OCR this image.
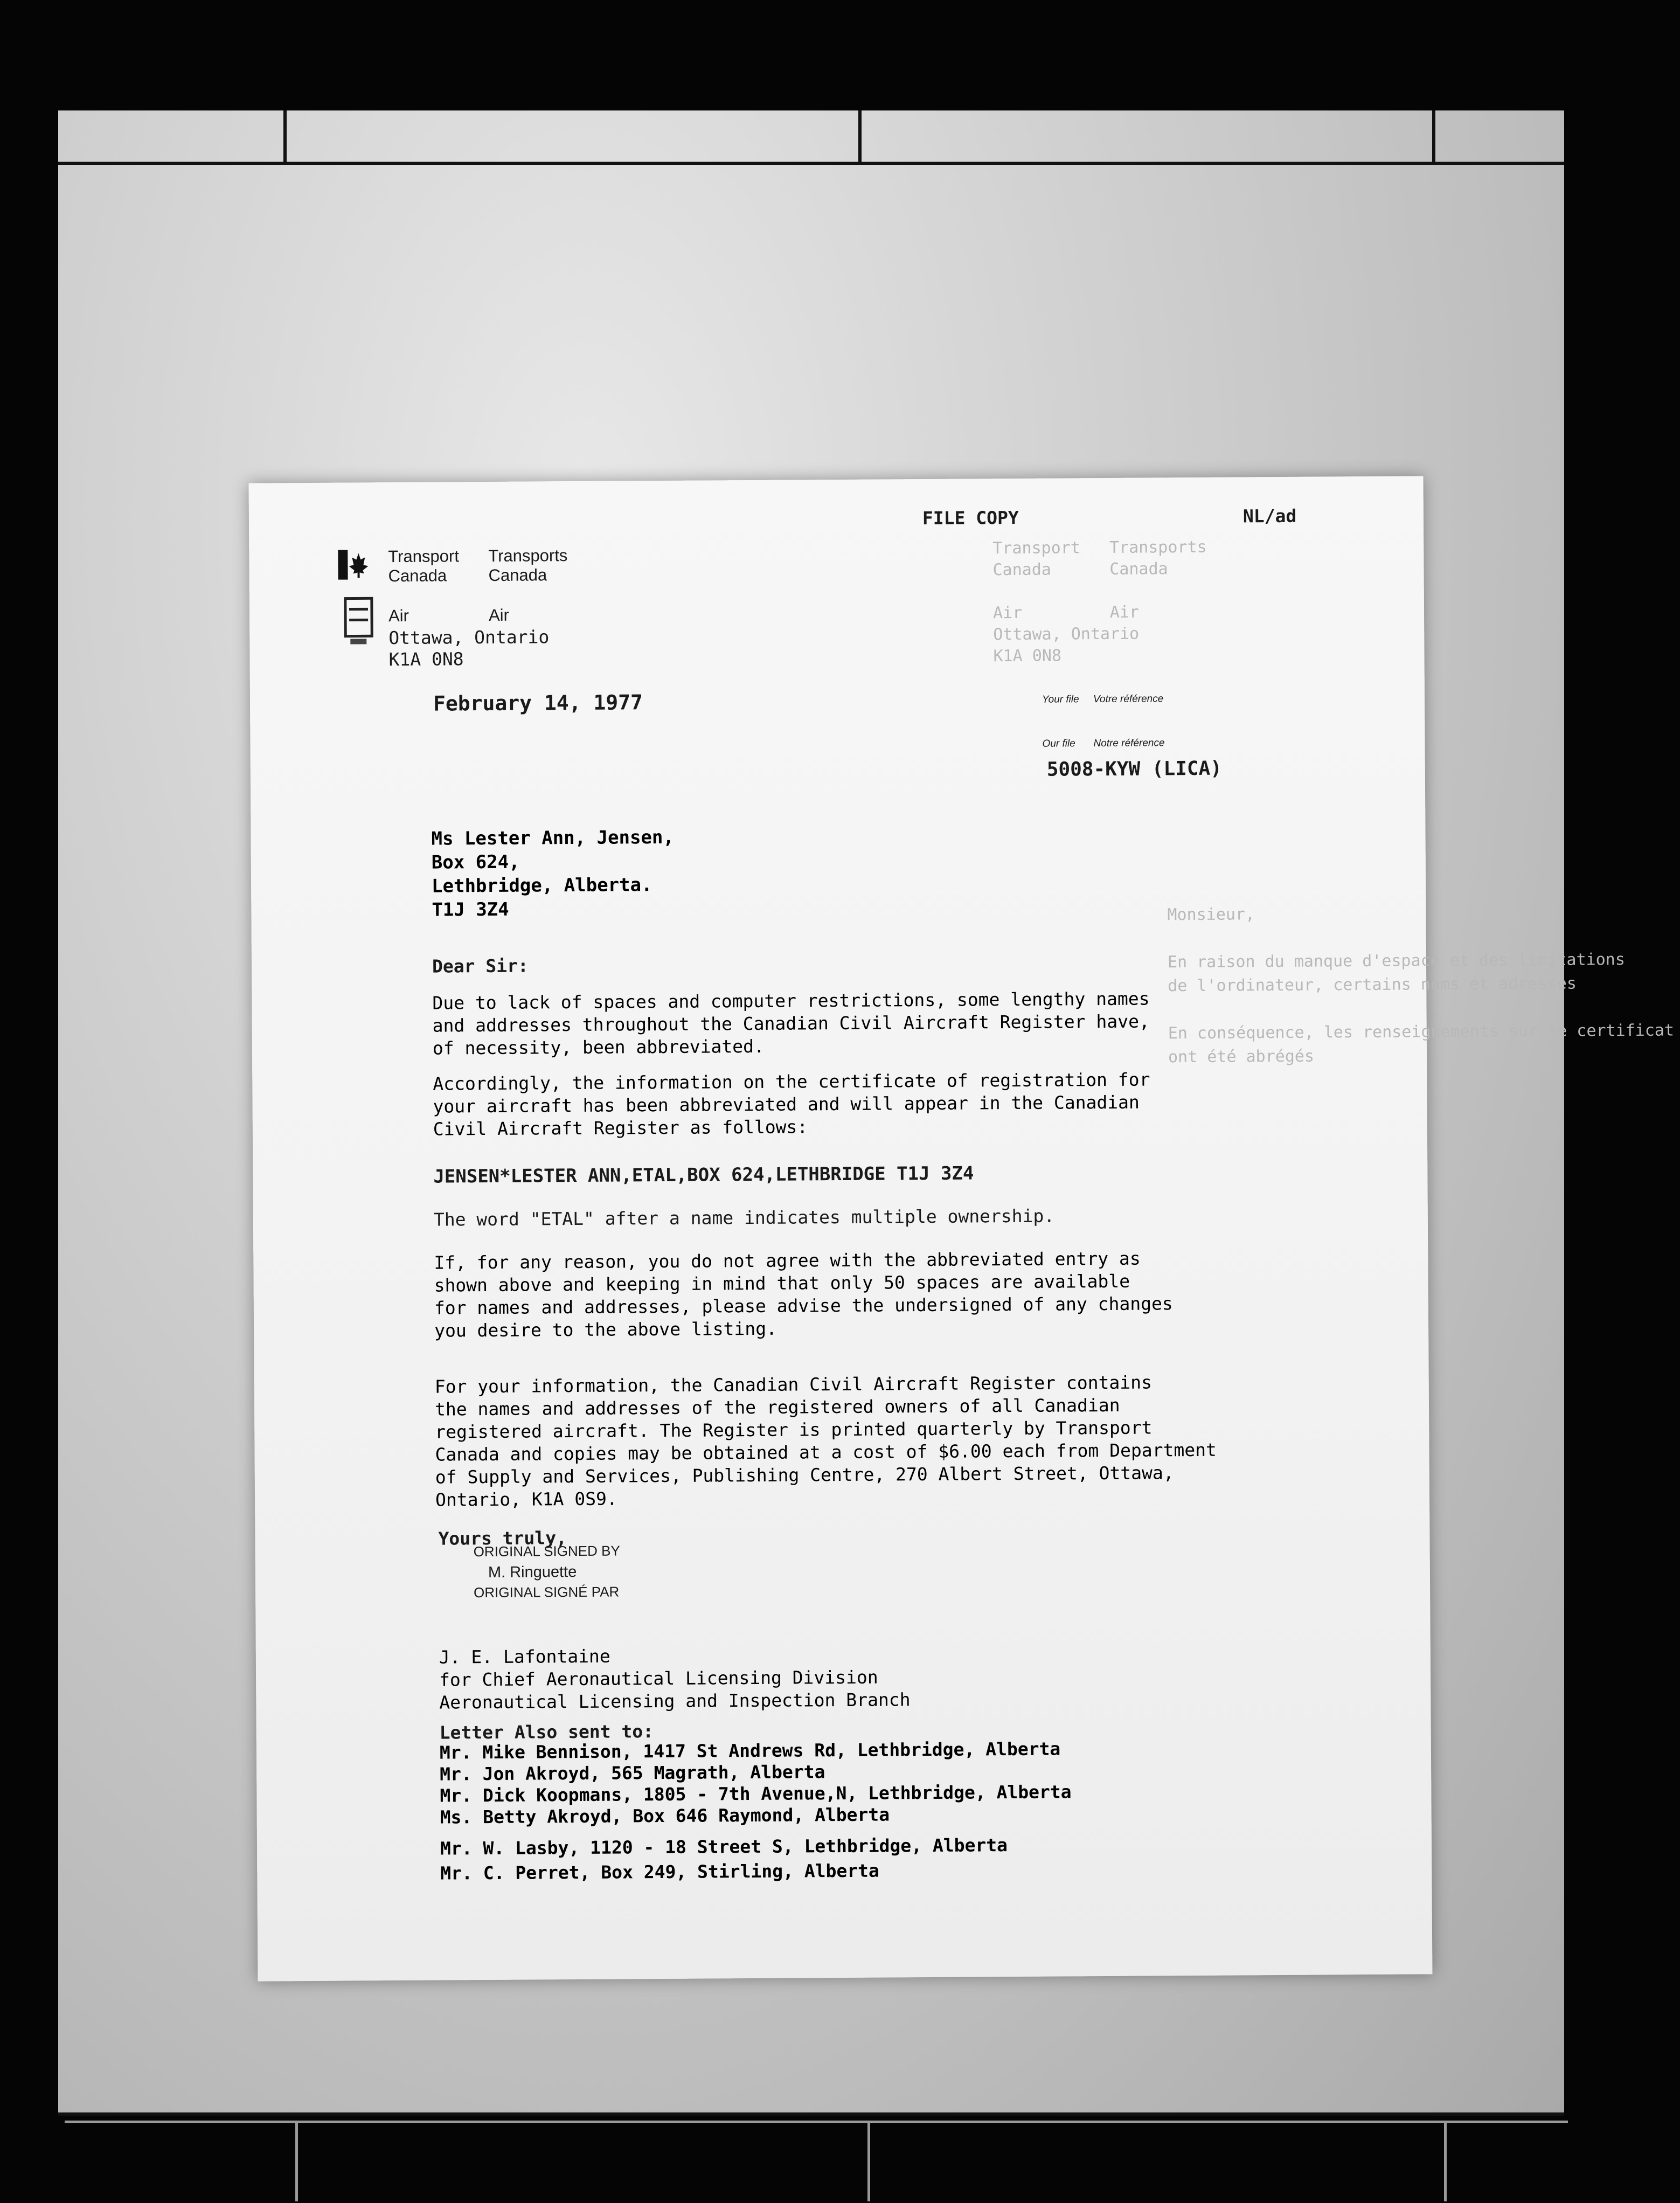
Transport   Transports
Canada      Canada

Air         Air
Ottawa, Ontario
K1A 0N8
Monsieur,

En raison du manque d'espace et des limitations
de l'ordinateur, certains noms et adresses

En conséquence, les renseignements sur le certificat
ont été abrégés
FILE COPY	NL/ad
Transport
Canada
Transports
Canada
Air	Air
Ottawa, Ontario
K1A 0N8
February 14, 1977	Your file Votre référence
Our file Notre référence
5008-KYW (LICA)
Ms Lester Ann, Jensen,
Box 624,
Lethbridge, Alberta.
T1J 3Z4
Dear Sir:
Due to lack of spaces and computer restrictions, some lengthy names
and addresses throughout the Canadian Civil Aircraft Register have,
of necessity, been abbreviated.
Accordingly, the information on the certificate of registration for
your aircraft has been abbreviated and will appear in the Canadian
Civil Aircraft Register as follows:
JENSEN*LESTER ANN,ETAL,BOX 624,LETHBRIDGE T1J 3Z4
The word "ETAL" after a name indicates multiple ownership.
If, for any reason, you do not agree with the abbreviated entry as
shown above and keeping in mind that only 50 spaces are available
for names and addresses, please advise the undersigned of any changes
you desire to the above listing.
For your information, the Canadian Civil Aircraft Register contains
the names and addresses of the registered owners of all Canadian
registered aircraft. The Register is printed quarterly by Transport
Canada and copies may be obtained at a cost of $6.00 each from Department
of Supply and Services, Publishing Centre, 270 Albert Street, Ottawa,
Ontario, K1A 0S9.
Yours truly,
ORIGINAL SIGNED BY
M. Ringuette
ORIGINAL SIGNÉ PAR
J. E. Lafontaine
for Chief Aeronautical Licensing Division
Aeronautical Licensing and Inspection Branch
Letter Also sent to:
Mr. Mike Bennison, 1417 St Andrews Rd, Lethbridge, Alberta
Mr. Jon Akroyd, 565 Magrath, Alberta
Mr. Dick Koopmans, 1805 - 7th Avenue,N, Lethbridge, Alberta
Ms. Betty Akroyd, Box 646 Raymond, Alberta
Mr. W. Lasby, 1120 - 18 Street S, Lethbridge, Alberta
Mr. C. Perret, Box 249, Stirling, Alberta
